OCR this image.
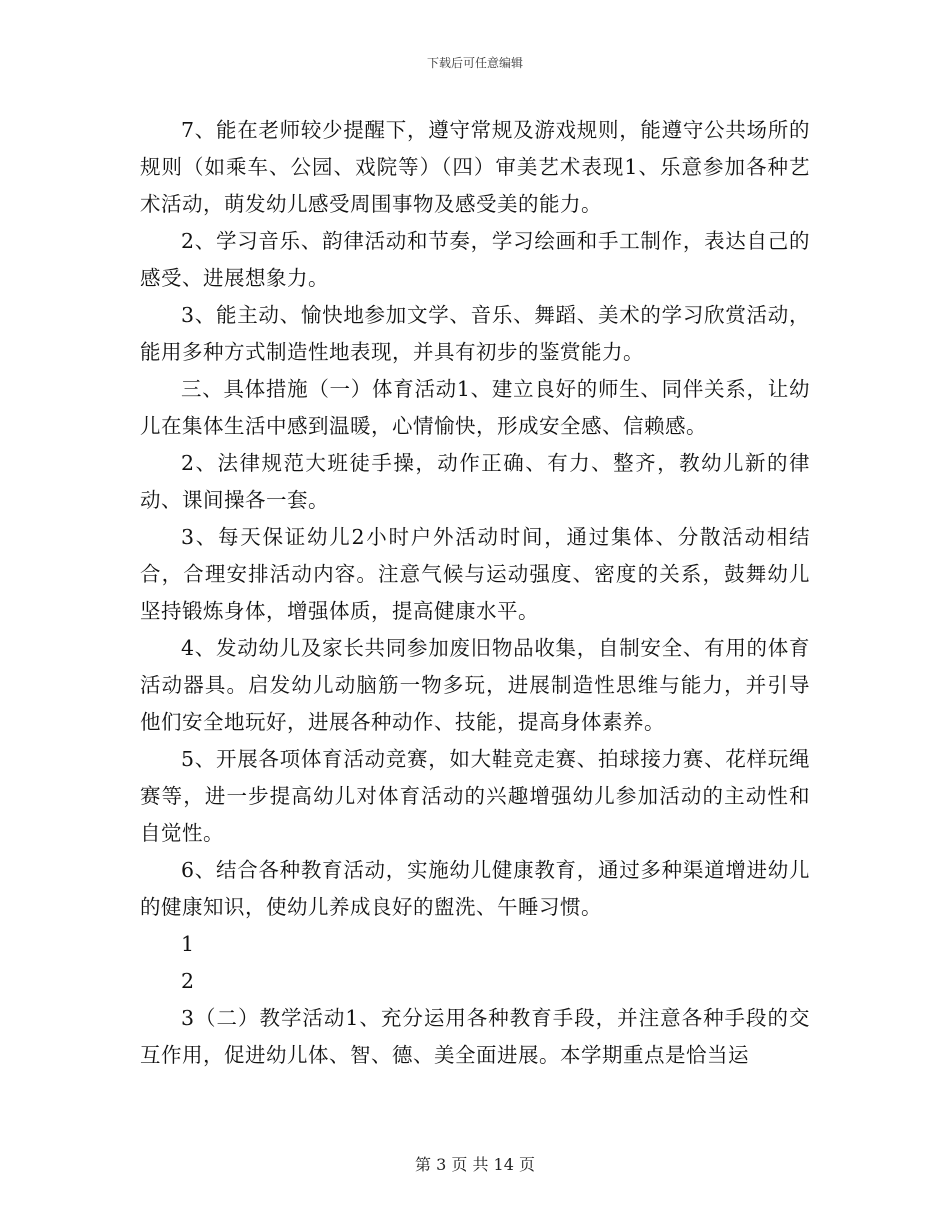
下载后可任意编辑

7、能在老师较少提醒下，遵守常规及游戏规则，能遵守公共场所的规则（如乘车、公园、戏院等）（四）审美艺术表现1、乐意参加各种艺术活动，萌发幼儿感受周围事物及感受美的能力。

2、学习音乐、韵律活动和节奏，学习绘画和手工制作，表达自己的感受、进展想象力。

3、能主动、愉快地参加文学、音乐、舞蹈、美术的学习欣赏活动，能用多种方式制造性地表现，并具有初步的鉴赏能力。

三、具体措施（一）体育活动1、建立良好的师生、同伴关系，让幼儿在集体生活中感到温暖，心情愉快，形成安全感、信赖感。

2、法律规范大班徒手操，动作正确、有力、整齐，教幼儿新的律动、课间操各一套。

3、每天保证幼儿2小时户外活动时间，通过集体、分散活动相结合，合理安排活动内容。注意气候与运动强度、密度的关系，鼓舞幼儿坚持锻炼身体，增强体质，提高健康水平。

4、发动幼儿及家长共同参加废旧物品收集，自制安全、有用的体育活动器具。启发幼儿动脑筋一物多玩，进展制造性思维与能力，并引导他们安全地玩好，进展各种动作、技能，提高身体素养。

5、开展各项体育活动竞赛，如大鞋竞走赛、拍球接力赛、花样玩绳赛等，进一步提高幼儿对体育活动的兴趣增强幼儿参加活动的主动性和自觉性。

6、结合各种教育活动，实施幼儿健康教育，通过多种渠道增进幼儿的健康知识，使幼儿养成良好的盥洗、午睡习惯。

1

2

3（二）教学活动1、充分运用各种教育手段，并注意各种手段的交互作用，促进幼儿体、智、德、美全面进展。本学期重点是恰当运

第 3 页 共 14 页
